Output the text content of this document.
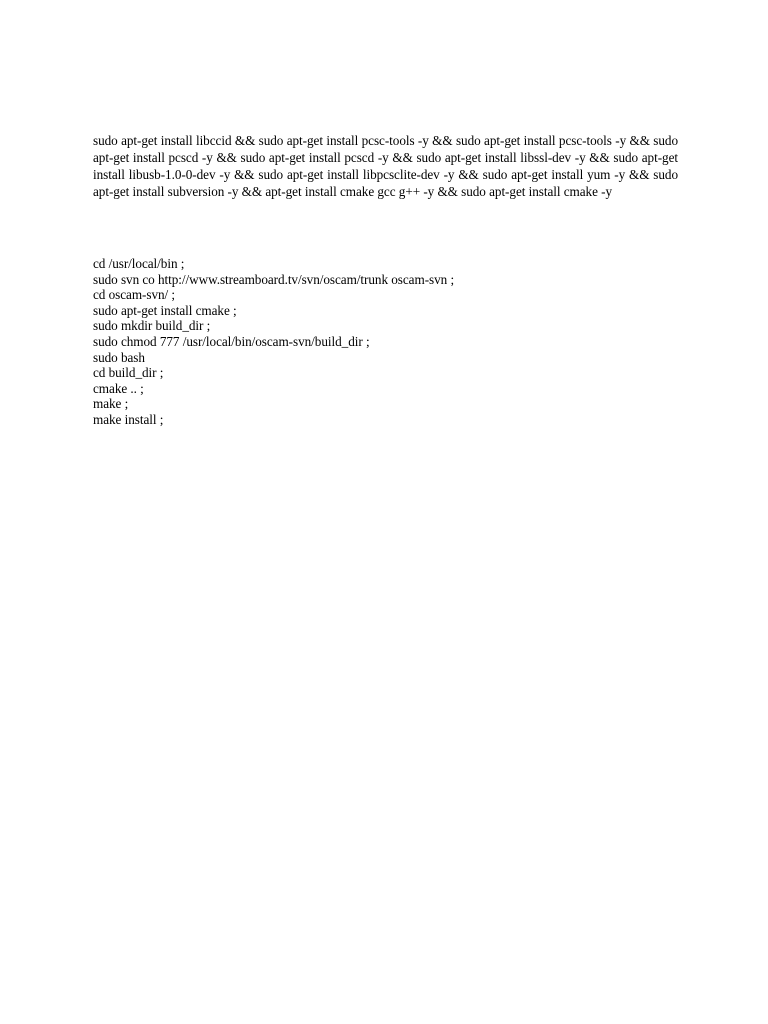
sudo apt-get install libccid && sudo apt-get install pcsc-tools -y && sudo apt-get install pcsc-tools -y && sudo apt-get install pcscd -y && sudo apt-get install pcscd -y && sudo apt-get install libssl-dev -y && sudo apt-get install libusb-1.0-0-dev -y && sudo apt-get install libpcsclite-dev -y && sudo apt-get install yum -y && sudo apt-get install subversion -y && apt-get install cmake gcc g++ -y && sudo apt-get install cmake -y

cd /usr/local/bin ;
sudo svn co http://www.streamboard.tv/svn/oscam/trunk oscam-svn ;
cd oscam-svn/ ;
sudo apt-get install cmake ;
sudo mkdir build_dir ;
sudo chmod 777 /usr/local/bin/oscam-svn/build_dir ;
sudo bash
cd build_dir ;
cmake .. ;
make ;
make install ;
